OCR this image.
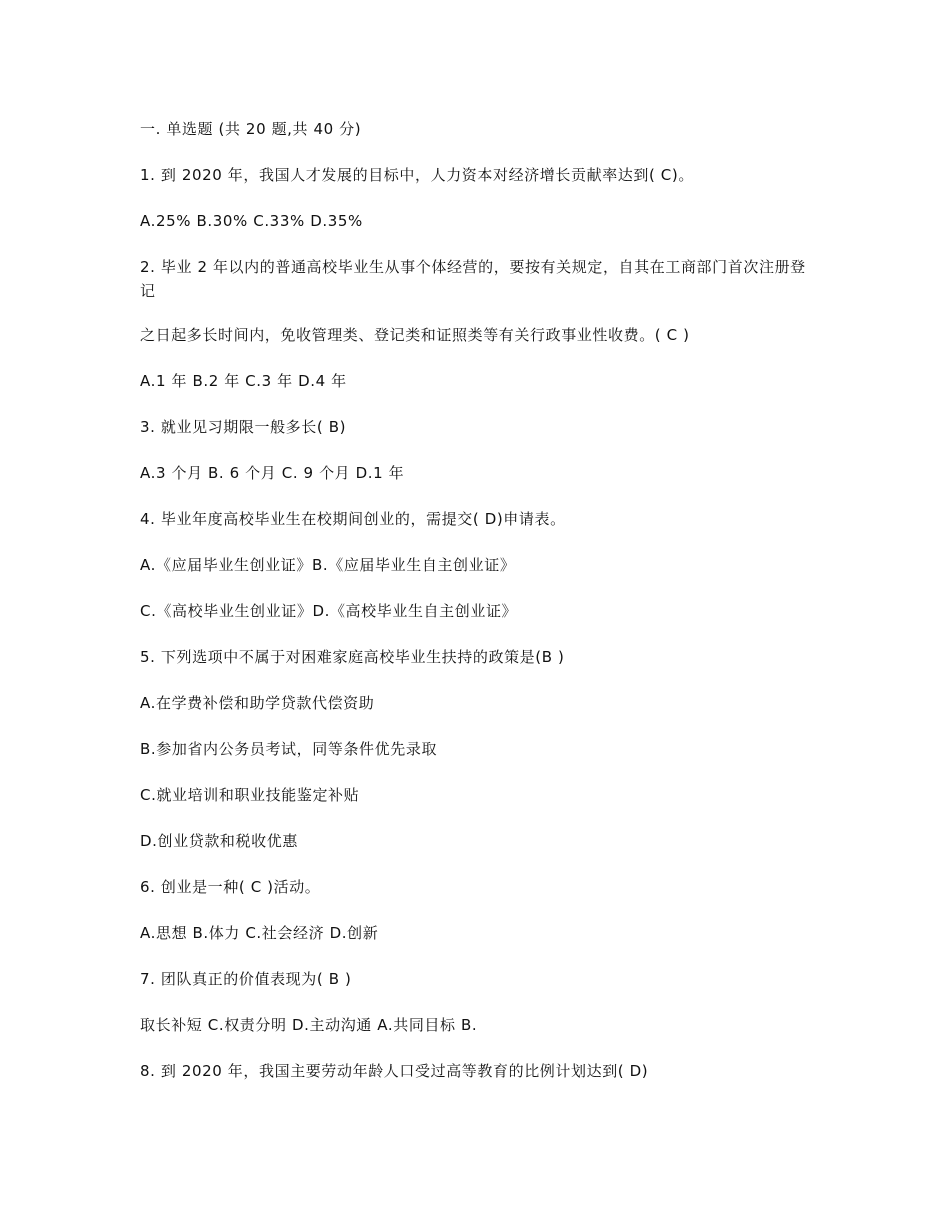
一. 单选题 (共 20 题,共 40 分)

1. 到 2020 年，我国人才发展的目标中，人力资本对经济增长贡献率达到( C)。

A.25% B.30% C.33% D.35%

2. 毕业 2 年以内的普通高校毕业生从事个体经营的，要按有关规定，自其在工商部门首次注册登记

之日起多长时间内，免收管理类、登记类和证照类等有关行政事业性收费。( C )

A.1 年 B.2 年 C.3 年 D.4 年

3. 就业见习期限一般多长( B)

A.3 个月 B. 6 个月 C. 9 个月 D.1 年

4. 毕业年度高校毕业生在校期间创业的，需提交( D)申请表。

A.《应届毕业生创业证》B.《应届毕业生自主创业证》

C.《高校毕业生创业证》D.《高校毕业生自主创业证》

5. 下列选项中不属于对困难家庭高校毕业生扶持的政策是(B )

A.在学费补偿和助学贷款代偿资助

B.参加省内公务员考试，同等条件优先录取

C.就业培训和职业技能鉴定补贴

D.创业贷款和税收优惠

6. 创业是一种( C )活动。

A.思想 B.体力 C.社会经济 D.创新

7. 团队真正的价值表现为( B )

取长补短 C.权责分明 D.主动沟通 A.共同目标 B.

8. 到 2020 年，我国主要劳动年龄人口受过高等教育的比例计划达到( D)
